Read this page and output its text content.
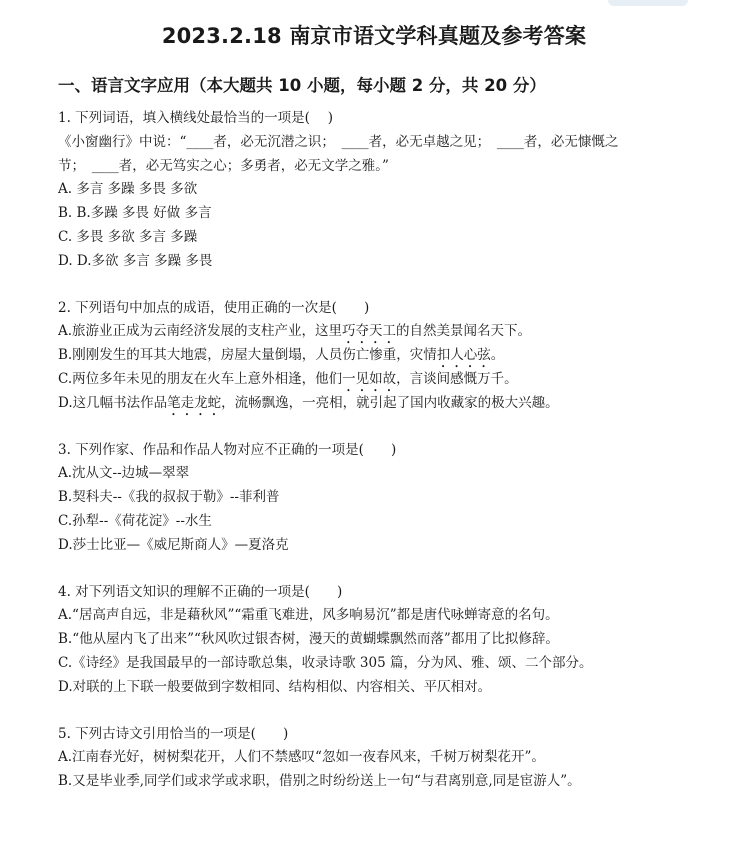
2023.2.18 南京市语文学科真题及参考答案
一、语言文字应用（本大题共 10 小题，每小题 2 分，共 20 分）
1. 下列词语，填入横线处最恰当的一项是(　 )
《小窗幽行》中说：“____者，必无沉潜之识；　____者，必无卓越之见；　____者，必无慷慨之
节；　____者，必无笃实之心；多勇者，必无文学之雅。”
A. 多言 多躁 多畏 多欲
B. B.多躁 多畏 好做 多言
C. 多畏 多欲 多言 多躁
D. D.多欲 多言 多躁 多畏
2. 下列语句中加点的成语，使用正确的一次是(　　)
A.旅游业正成为云南经济发展的支柱产业，这里巧夺天工的自然美景闻名天下。
B.刚刚发生的耳其大地震，房屋大量倒塌，人员伤亡惨重，灾情扣人心弦。
C.两位多年未见的朋友在火车上意外相逢，他们一见如故，言谈间感慨万千。
D.这几幅书法作品笔走龙蛇，流畅飘逸，一亮相，就引起了国内收藏家的极大兴趣。
3. 下列作家、作品和作品人物对应不正确的一项是(　　)
A.沈从文--边城—翠翠
B.契科夫--《我的叔叔于勒》--菲利普
C.孙犁--《荷花淀》--水生
D.莎士比亚—《威尼斯商人》—夏洛克
4. 对下列语文知识的理解不正确的一项是(　　)
A.“居高声自远，非是藉秋风”“霜重飞难进，风多响易沉”都是唐代咏蝉寄意的名句。
B.“他从屋内飞了出来”“秋风吹过银杏树，漫天的黄蝴蝶飘然而落”都用了比拟修辞。
C.《诗经》是我国最早的一部诗歌总集，收录诗歌 305 篇，分为风、雅、颂、二个部分。
D.对联的上下联一般要做到字数相同、结构相似、内容相关、平仄相对。
5. 下列古诗文引用恰当的一项是(　　)
A.江南春光好，树树梨花开，人们不禁感叹“忽如一夜春风来，千树万树梨花开”。
B.又是毕业季,同学们或求学或求职，借别之时纷纷送上一句“与君离别意,同是宦游人”。
